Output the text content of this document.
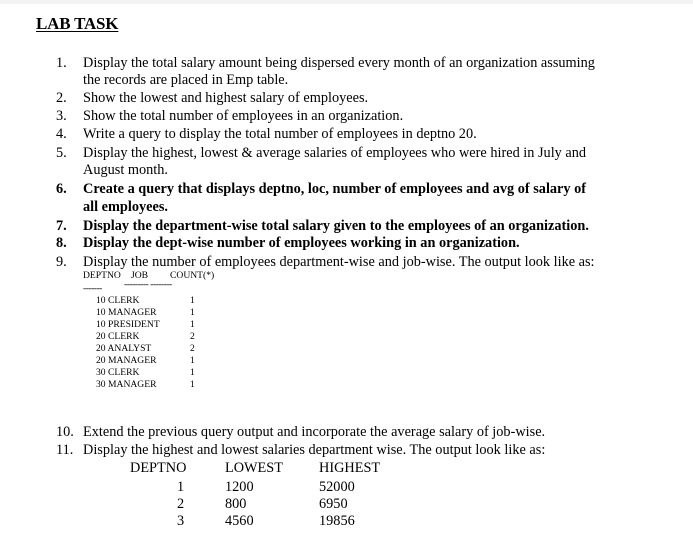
LAB TASK
1.	Display the total salary amount being dispersed every month of an organization assuming
the records are placed in Emp table.
2.	Show the lowest and highest salary of employees.
3.	Show the total number of employees in an organization.
4.	Write a query to display the total number of employees in deptno 20.
5.	Display the highest, lowest & average salaries of employees who were hired in July and
August month.
6.	Create a query that displays deptno, loc, number of employees and avg of salary of
all employees.
7.	Display the department-wise total salary given to the employees of an organization.
8.	Display the dept-wise number of employees working in an organization.
9.	Display the number of employees department-wise and job-wise. The output look like as:
DEPTNO JOB COUNT(*)
------- --------- --------
10 CLERK	1
10 MANAGER	1
10 PRESIDENT	1
20 CLERK	2
20 ANALYST	2
20 MANAGER	1
30 CLERK	1
30 MANAGER	1
10. Extend the previous query output and incorporate the average salary of job-wise.
11. Display the highest and lowest salaries department wise. The output look like as:
DEPTNO	LOWEST	HIGHEST
1	1200	52000
2	800	6950
3	4560	19856
